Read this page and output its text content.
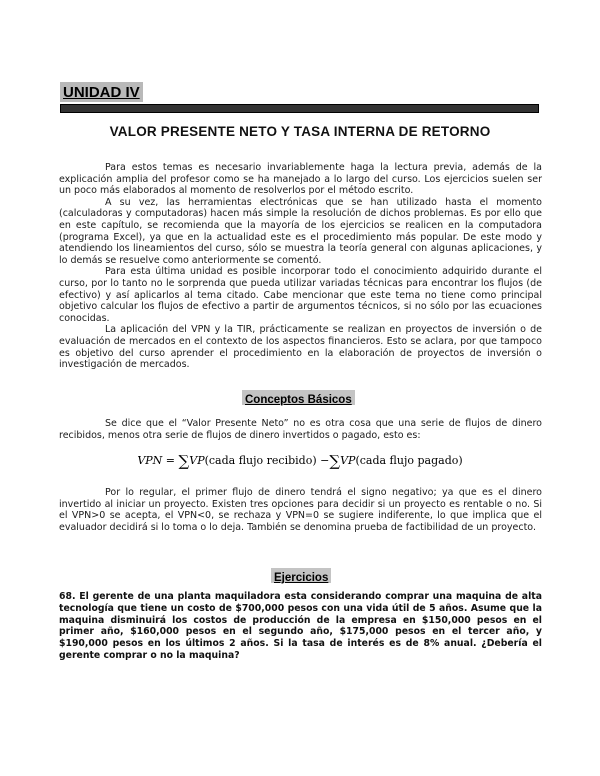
UNIDAD IV
VALOR PRESENTE NETO Y TASA INTERNA DE RETORNO

Para estos temas es necesario invariablemente haga la lectura previa, además de la explicación amplia del profesor como se ha manejado a lo largo del curso. Los ejercicios suelen ser un poco más elaborados al momento de resolverlos por el método escrito.

A su vez, las herramientas electrónicas que se han utilizado hasta el momento (calculadoras y computadoras) hacen más simple la resolución de dichos problemas. Es por ello que en este capítulo, se recomienda que la mayoría de los ejercicios se realicen en la computadora (programa Excel), ya que en la actualidad este es el procedimiento más popular. De este modo y atendiendo los lineamientos del curso, sólo se muestra la teoría general con algunas aplicaciones, y lo demás se resuelve como anteriormente se comentó.

Para esta última unidad es posible incorporar todo el conocimiento adquirido durante el curso, por lo tanto no le sorprenda que pueda utilizar variadas técnicas para encontrar los flujos (de efectivo) y así aplicarlos al tema citado. Cabe mencionar que este tema no tiene como principal objetivo calcular los flujos de efectivo a partir de argumentos técnicos, si no sólo por las ecuaciones conocidas.

La aplicación del VPN y la TIR, prácticamente se realizan en proyectos de inversión o de evaluación de mercados en el contexto de los aspectos financieros. Esto se aclara, por que tampoco es objetivo del curso aprender el procedimiento en la elaboración de proyectos de inversión o investigación de mercados.

Conceptos Básicos

Se dice que el “Valor Presente Neto” no es otra cosa que una serie de flujos de dinero recibidos, menos otra serie de flujos de dinero invertidos o pagado, esto es:

VPN = ∑VP(cada flujo recibido) −∑VP(cada flujo pagado)

Por lo regular, el primer flujo de dinero tendrá el signo negativo; ya que es el dinero invertido al iniciar un proyecto. Existen tres opciones para decidir si un proyecto es rentable o no. Si el VPN>0 se acepta, el VPN<0, se rechaza y VPN=0 se sugiere indiferente, lo que implica que el evaluador decidirá si lo toma o lo deja. También se denomina prueba de factibilidad de un proyecto.

Ejercicios
68. El gerente de una planta maquiladora esta considerando comprar una maquina de alta tecnología que tiene un costo de $700,000 pesos con una vida útil de 5 años. Asume que la maquina disminuirá los costos de producción de la empresa en $150,000 pesos en el primer año, $160,000 pesos en el segundo año, $175,000 pesos en el tercer año, y $190,000 pesos en los últimos 2 años. Si la tasa de interés es de 8% anual. ¿Debería el gerente comprar o no la maquina?
